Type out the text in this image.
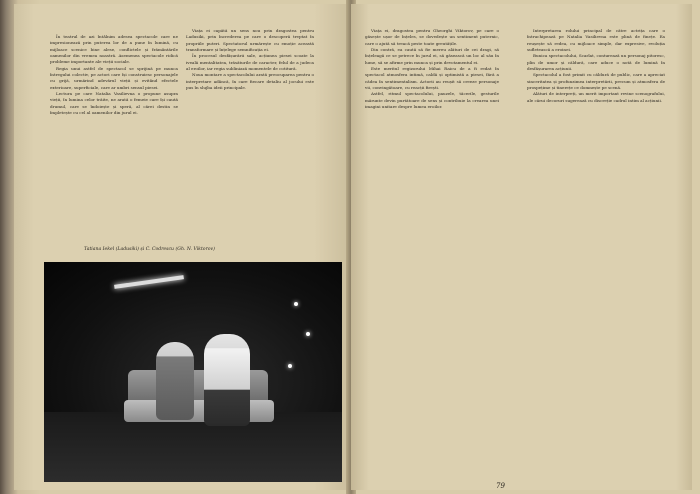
În teatrul de azi întâlnim adesea spectacole care ne impresionează prin puterea lor de a pune în lumină, cu mijloace scenice bine alese, conflictele și frământările oamenilor din vremea noastră. Asemenea spectacole ridică probleme importante ale vieții sociale.

Regia unui astfel de spectacol se sprijină pe munca întregului colectiv, pe actori care își construiesc personajele cu grijă, urmărind adevărul vieții și evitând efectele exterioare, superficiale, care ar umbri sensul piesei.

Lectura pe care Natalia Vasilievna o propune asupra vieții, în lumina celor trăite, ne arată o femeie care își caută drumul, care se îndoiește și speră, al cărei destin se împletește cu cel al oamenilor din jurul ei.

Viața ei capătă un sens nou prin dragostea pentru Ladusiki, prin încrederea pe care o descoperă treptat în propriile puteri. Spectatorul urmărește cu emoție această transformare și înțelege semnificația ei.

În procesul desfășurării sale, acțiunea piesei scoate la iveală mentalitatea, trăsăturile de caracter, felul de a judeca al eroilor, iar regia subliniază momentele de cotitură.

Noua montare a spectacolului arată preocuparea pentru o interpretare adâncă, în care fiecare detaliu al jocului este pus în slujba ideii principale.

Tatiana Iekel (Ladusiki) și C. Codrescu (Gh. N. Viktorov)

Viața ei, dragostea pentru Gheorghi Viktorov, pe care o găsește ușor de înțeles, se dovedește un sentiment puternic, care o ajută să treacă peste toate greutățile.

Din contră, ea caută să fie mereu alături de cei dragi, să înțeleagă ce se petrece în jurul ei, să găsească un loc al său în lume, să se afirme prin munca și prin devotamentul ei.

Este meritul regizorului Mihai Raicu de a fi redat în spectacol atmosfera intimă, caldă și optimistă a piesei, fără a cădea în sentimentalism. Actorii au reușit să creeze personaje vii, convingătoare, cu reacții firești.

Astfel, ritmul spectacolului, pauzele, tăcerile, gesturile mărunte devin purtătoare de sens și contribuie la crearea unei imagini unitare despre lumea eroilor.

Interpretarea rolului principal de către actrița care o întruchipează pe Natalia Vasilievna este plină de finețe. Ea reușește să redea, cu mijloace simple, dar expresive, evoluția sufletească a eroinei.

Bunica spectacolului, Scarlat, conturează un personaj pitoresc, plin de umor și căldură, care aduce o notă de lumină în desfășurarea acțiunii.

Spectacolul a fost primit cu căldură de public, care a apreciat sinceritatea și profunzimea interpretării, precum și atmosfera de prospețime și tinerețe ce domnește pe scenă.

Alături de interpreți, un merit important revine scenografului, ale cărui decoruri sugerează cu discreție cadrul intim al acțiunii.

79
